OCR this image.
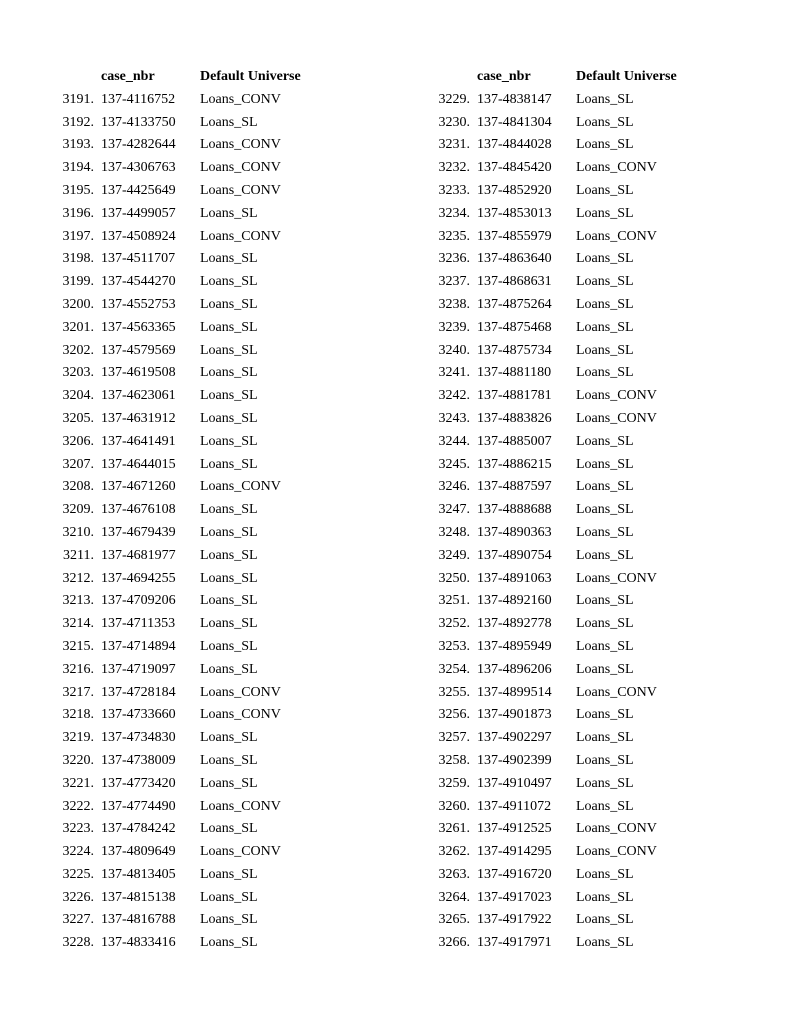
case_nbr	Default Universe
3191. 137-4116752 Loans_CONV
3192. 137-4133750 Loans_SL
3193. 137-4282644 Loans_CONV
3194. 137-4306763 Loans_CONV
3195. 137-4425649 Loans_CONV
3196. 137-4499057 Loans_SL
3197. 137-4508924 Loans_CONV
3198. 137-4511707 Loans_SL
3199. 137-4544270 Loans_SL
3200. 137-4552753 Loans_SL
3201. 137-4563365 Loans_SL
3202. 137-4579569 Loans_SL
3203. 137-4619508 Loans_SL
3204. 137-4623061 Loans_SL
3205. 137-4631912 Loans_SL
3206. 137-4641491 Loans_SL
3207. 137-4644015 Loans_SL
3208. 137-4671260 Loans_CONV
3209. 137-4676108 Loans_SL
3210. 137-4679439 Loans_SL
3211. 137-4681977 Loans_SL
3212. 137-4694255 Loans_SL
3213. 137-4709206 Loans_SL
3214. 137-4711353 Loans_SL
3215. 137-4714894 Loans_SL
3216. 137-4719097 Loans_SL
3217. 137-4728184 Loans_CONV
3218. 137-4733660 Loans_CONV
3219. 137-4734830 Loans_SL
3220. 137-4738009 Loans_SL
3221. 137-4773420 Loans_SL
3222. 137-4774490 Loans_CONV
3223. 137-4784242 Loans_SL
3224. 137-4809649 Loans_CONV
3225. 137-4813405 Loans_SL
3226. 137-4815138 Loans_SL
3227. 137-4816788 Loans_SL
3228. 137-4833416 Loans_SL
case_nbr	Default Universe
3229. 137-4838147 Loans_SL
3230. 137-4841304 Loans_SL
3231. 137-4844028 Loans_SL
3232. 137-4845420 Loans_CONV
3233. 137-4852920 Loans_SL
3234. 137-4853013 Loans_SL
3235. 137-4855979 Loans_CONV
3236. 137-4863640 Loans_SL
3237. 137-4868631 Loans_SL
3238. 137-4875264 Loans_SL
3239. 137-4875468 Loans_SL
3240. 137-4875734 Loans_SL
3241. 137-4881180 Loans_SL
3242. 137-4881781 Loans_CONV
3243. 137-4883826 Loans_CONV
3244. 137-4885007 Loans_SL
3245. 137-4886215 Loans_SL
3246. 137-4887597 Loans_SL
3247. 137-4888688 Loans_SL
3248. 137-4890363 Loans_SL
3249. 137-4890754 Loans_SL
3250. 137-4891063 Loans_CONV
3251. 137-4892160 Loans_SL
3252. 137-4892778 Loans_SL
3253. 137-4895949 Loans_SL
3254. 137-4896206 Loans_SL
3255. 137-4899514 Loans_CONV
3256. 137-4901873 Loans_SL
3257. 137-4902297 Loans_SL
3258. 137-4902399 Loans_SL
3259. 137-4910497 Loans_SL
3260. 137-4911072 Loans_SL
3261. 137-4912525 Loans_CONV
3262. 137-4914295 Loans_CONV
3263. 137-4916720 Loans_SL
3264. 137-4917023 Loans_SL
3265. 137-4917922 Loans_SL
3266. 137-4917971 Loans_SL
